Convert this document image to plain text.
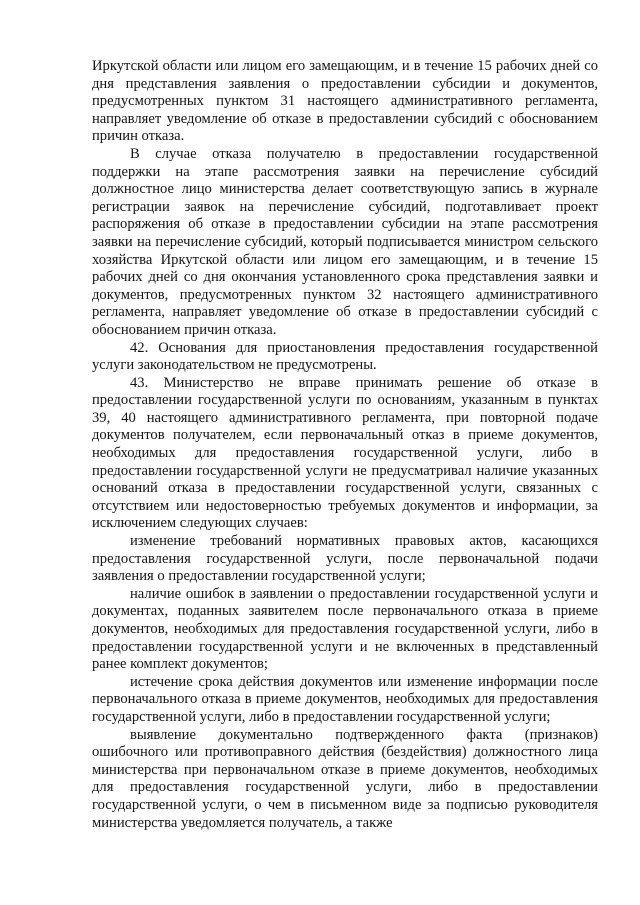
Иркутской области или лицом его замещающим, и в течение 15 рабочих дней со дня представления заявления о предоставлении субсидии и документов, предусмотренных пунктом 31 настоящего административного регламента, направляет уведомление об отказе в предоставлении субсидий с обоснованием причин отказа.

В случае отказа получателю в предоставлении государственной поддержки на этапе рассмотрения заявки на перечисление субсидий должностное лицо министерства делает соответствующую запись в журнале регистрации заявок на перечисление субсидий, подготавливает проект распоряжения об отказе в предоставлении субсидии на этапе рассмотрения заявки на перечисление субсидий, который подписывается министром сельского хозяйства Иркутской области или лицом его замещающим, и в течение 15 рабочих дней со дня окончания установленного срока представления заявки и документов, предусмотренных пунктом 32 настоящего административного регламента, направляет уведомление об отказе в предоставлении субсидий с обоснованием причин отказа.

42. Основания для приостановления предоставления государственной услуги законодательством не предусмотрены.

43. Министерство не вправе принимать решение об отказе в предоставлении государственной услуги по основаниям, указанным в пунктах 39, 40 настоящего административного регламента, при повторной подаче документов получателем, если первоначальный отказ в приеме документов, необходимых для предоставления государственной услуги, либо в предоставлении государственной услуги не предусматривал наличие указанных оснований отказа в предоставлении государственной услуги, связанных с отсутствием или недостоверностью требуемых документов и информации, за исключением следующих случаев:

изменение требований нормативных правовых актов, касающихся предоставления государственной услуги, после первоначальной подачи заявления о предоставлении государственной услуги;

наличие ошибок в заявлении о предоставлении государственной услуги и документах, поданных заявителем после первоначального отказа в приеме документов, необходимых для предоставления государственной услуги, либо в предоставлении государственной услуги и не включенных в представленный ранее комплект документов;

истечение срока действия документов или изменение информации после первоначального отказа в приеме документов, необходимых для предоставления государственной услуги, либо в предоставлении государственной услуги;

выявление документально подтвержденного факта (признаков) ошибочного или противоправного действия (бездействия) должностного лица министерства при первоначальном отказе в приеме документов, необходимых для предоставления государственной услуги, либо в предоставлении государственной услуги, о чем в письменном виде за подписью руководителя министерства уведомляется получатель, а также
